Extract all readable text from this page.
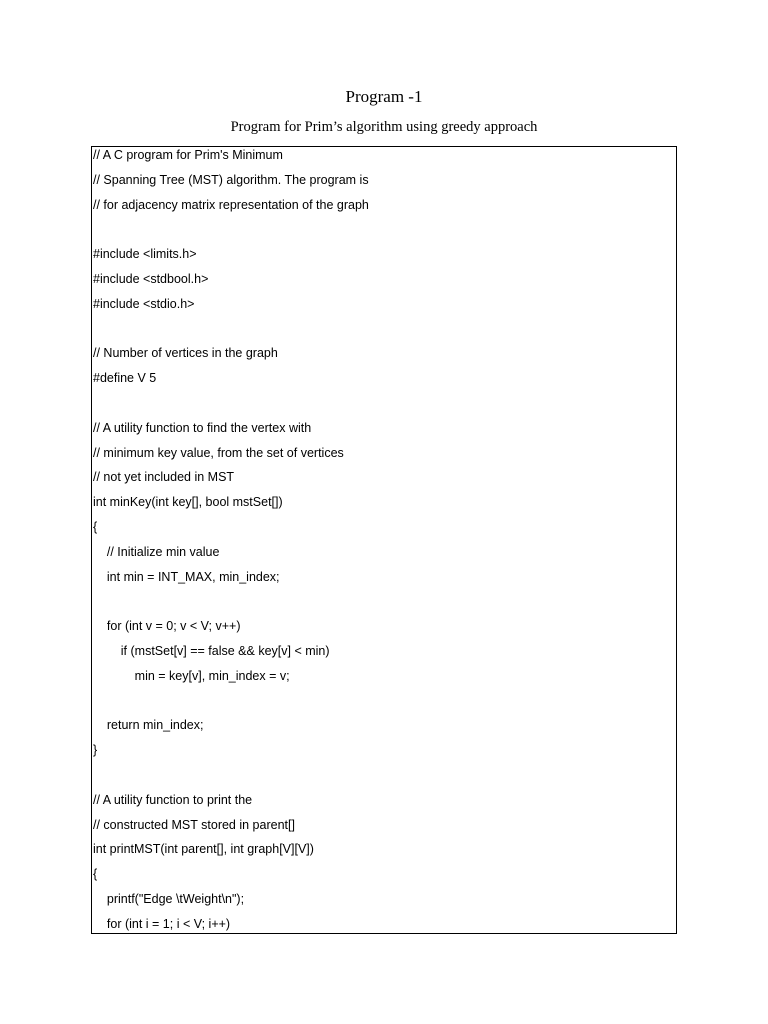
Program -1
Program for Prim’s algorithm using greedy approach
// A C program for Prim's Minimum
// Spanning Tree (MST) algorithm. The program is
// for adjacency matrix representation of the graph
#include <limits.h>
#include <stdbool.h>
#include <stdio.h>
// Number of vertices in the graph
#define V 5
// A utility function to find the vertex with
// minimum key value, from the set of vertices
// not yet included in MST
int minKey(int key[], bool mstSet[])
{
// Initialize min value
int min = INT_MAX, min_index;
for (int v = 0; v < V; v++)
if (mstSet[v] == false && key[v] < min)
min = key[v], min_index = v;
return min_index;
}
// A utility function to print the
// constructed MST stored in parent[]
int printMST(int parent[], int graph[V][V])
{
printf("Edge \tWeight\n");
for (int i = 1; i < V; i++)
